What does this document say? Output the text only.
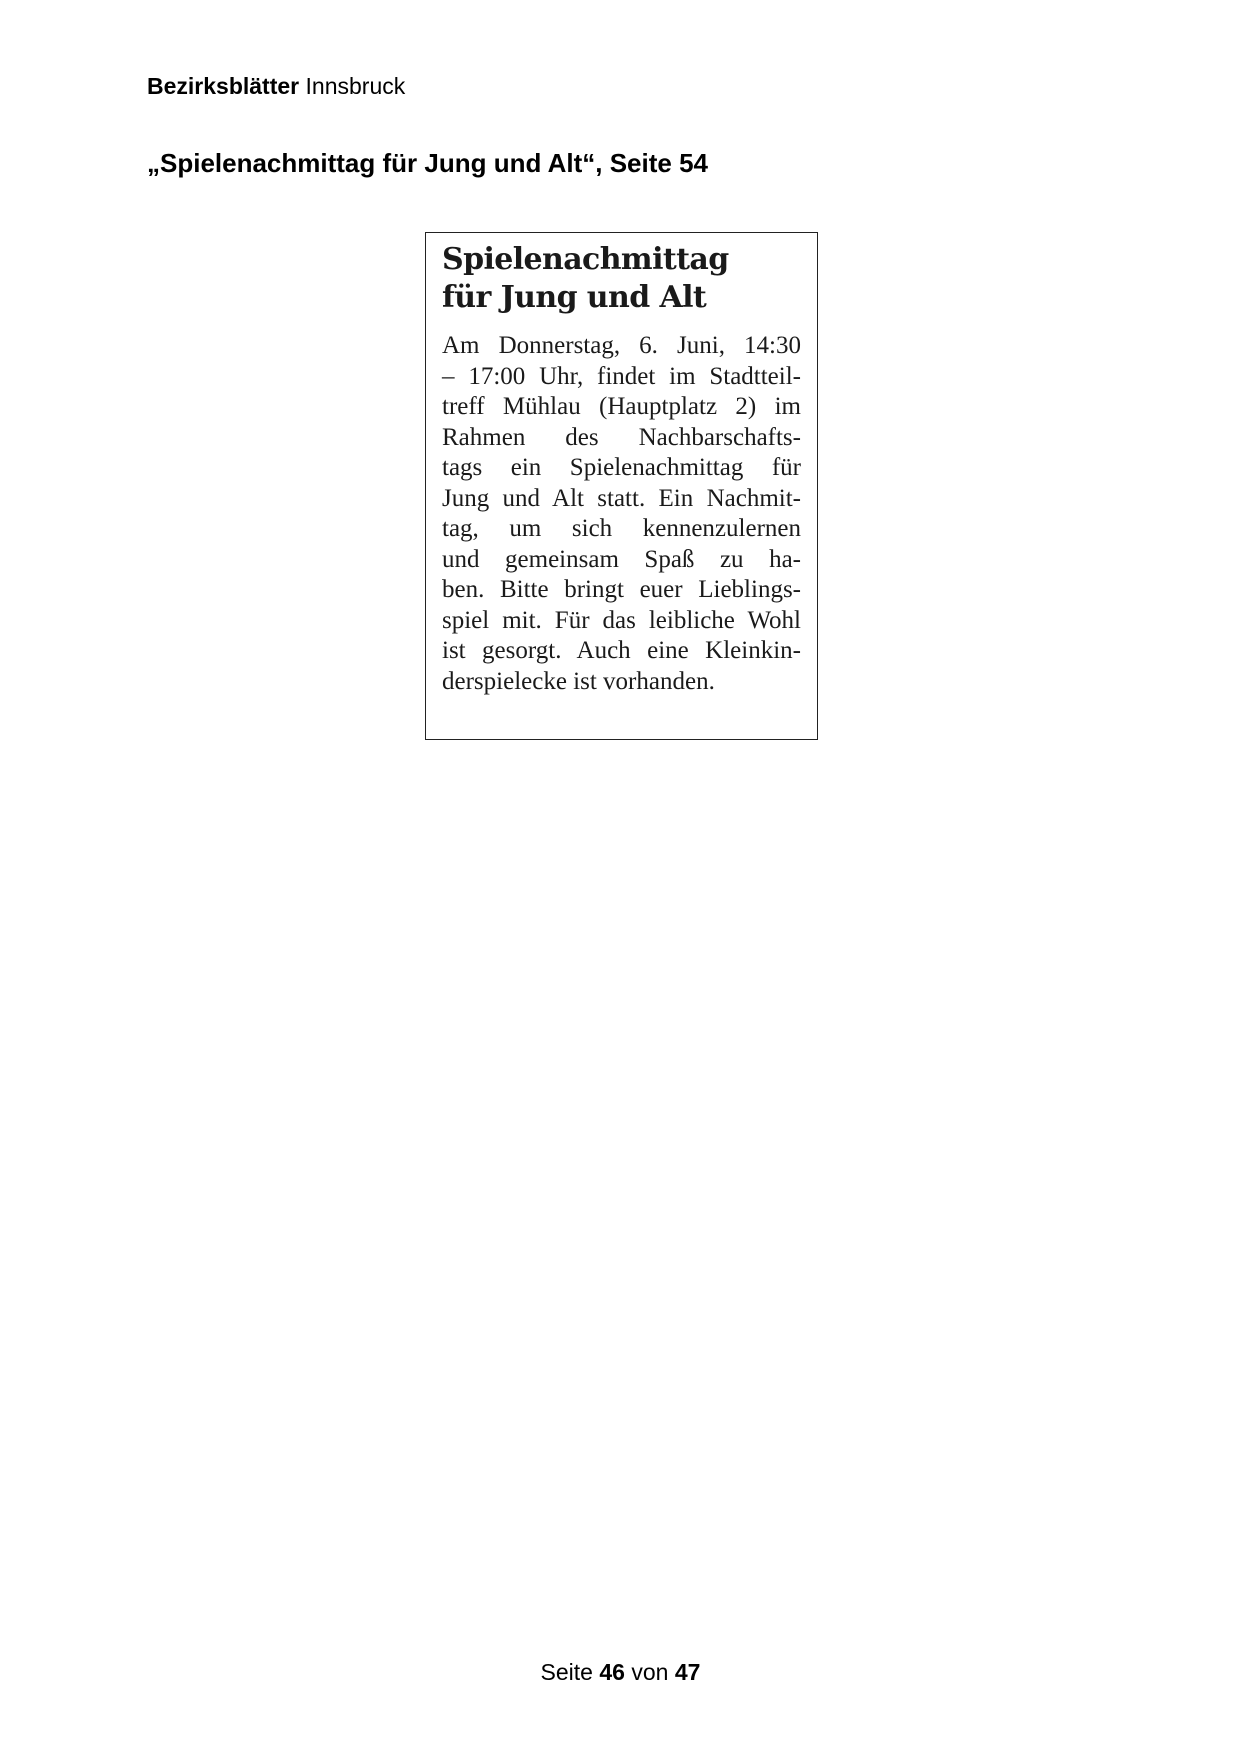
Bezirksblätter Innsbruck
„Spielenachmittag für Jung und Alt“, Seite 54
Spielenachmittag
für Jung und Alt
Am Donnerstag, 6. Juni, 14:30
– 17:00 Uhr, findet im Stadtteil-
treff Mühlau (Hauptplatz 2) im
Rahmen des Nachbarschafts-
tags ein Spielenachmittag für
Jung und Alt statt. Ein Nachmit-
tag, um sich kennenzulernen
und gemeinsam Spaß zu ha-
ben. Bitte bringt euer Lieblings-
spiel mit. Für das leibliche Wohl
ist gesorgt. Auch eine Kleinkin-
derspielecke ist vorhanden.
Seite 46 von 47
